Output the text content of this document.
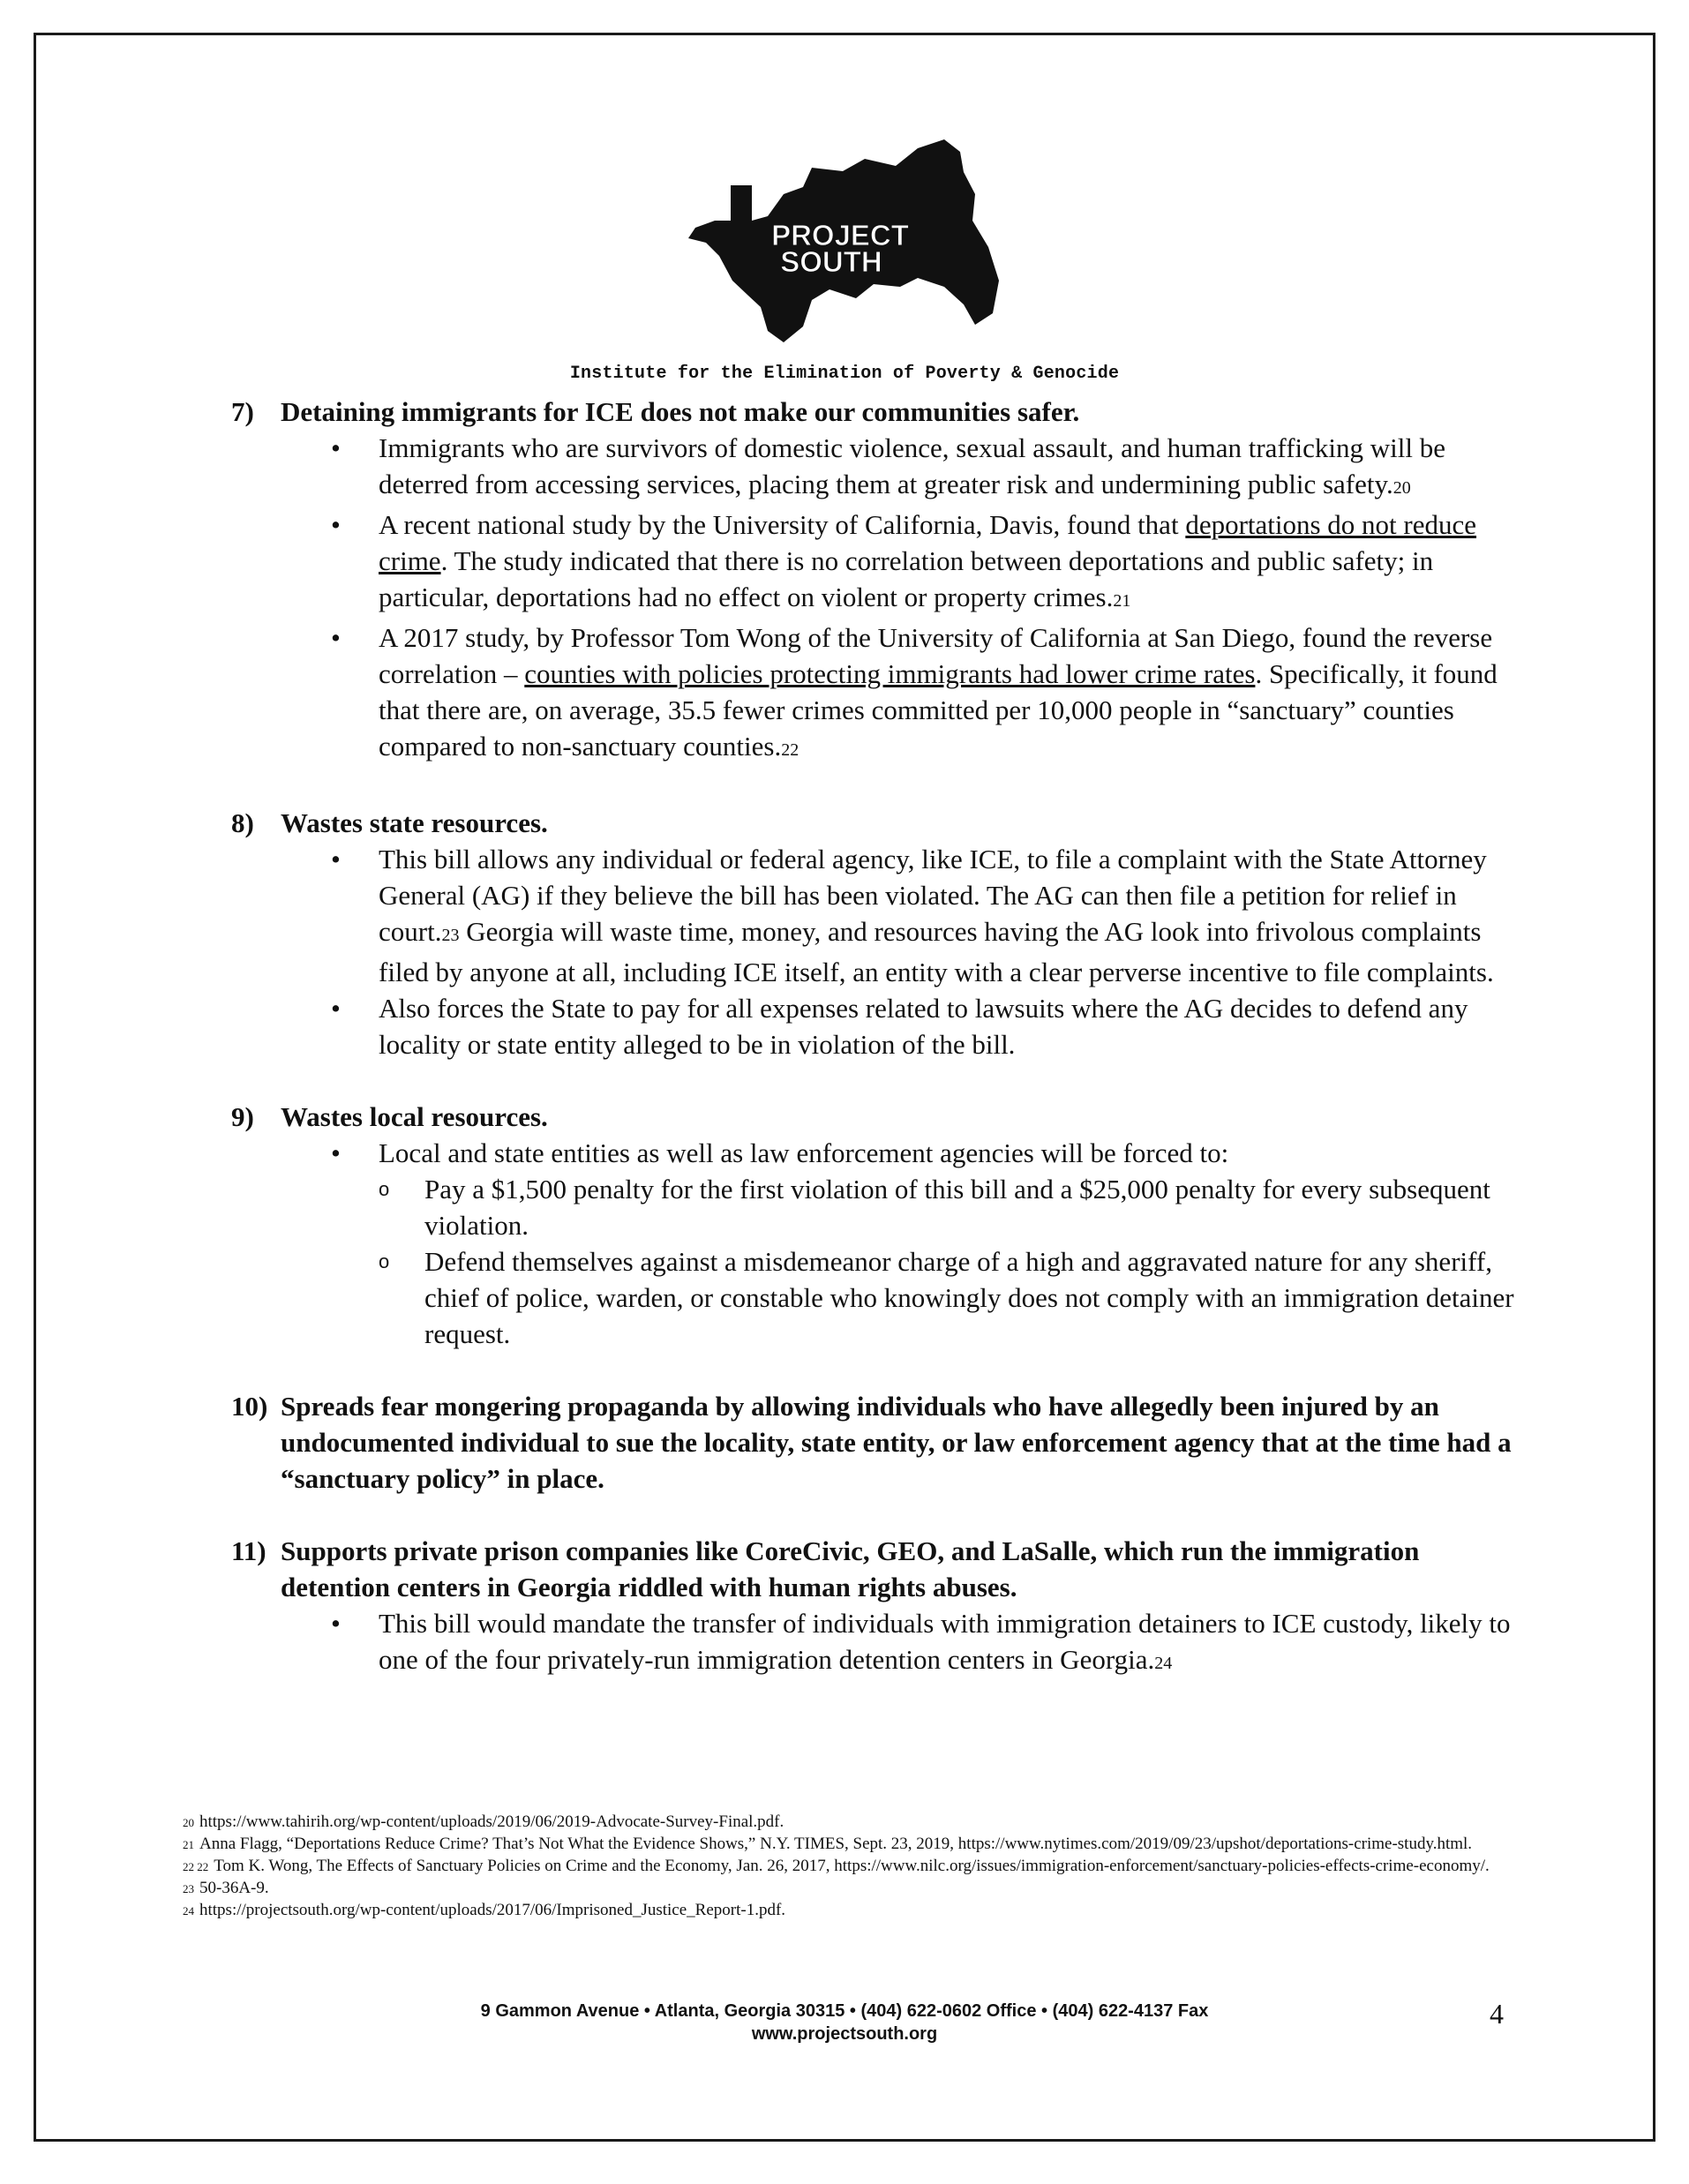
PROJECT
SOUTH
Institute for the Elimination of Poverty & Genocide
7) Detaining immigrants for ICE does not make our communities safer.
• Immigrants who are survivors of domestic violence, sexual assault, and human trafficking will be deterred from accessing services, placing them at greater risk and undermining public safety.20
• A recent national study by the University of California, Davis, found that deportations do not reduce crime. The study indicated that there is no correlation between deportations and public safety; in particular, deportations had no effect on violent or property crimes.21
• A 2017 study, by Professor Tom Wong of the University of California at San Diego, found the reverse correlation – counties with policies protecting immigrants had lower crime rates. Specifically, it found that there are, on average, 35.5 fewer crimes committed per 10,000 people in “sanctuary” counties compared to non-sanctuary counties.22
8) Wastes state resources.
• This bill allows any individual or federal agency, like ICE, to file a complaint with the State Attorney General (AG) if they believe the bill has been violated. The AG can then file a petition for relief in court.23 Georgia will waste time, money, and resources having the AG look into frivolous complaints filed by anyone at all, including ICE itself, an entity with a clear perverse incentive to file complaints.
• Also forces the State to pay for all expenses related to lawsuits where the AG decides to defend any locality or state entity alleged to be in violation of the bill.
9) Wastes local resources.
• Local and state entities as well as law enforcement agencies will be forced to:
o Pay a $1,500 penalty for the first violation of this bill and a $25,000 penalty for every subsequent violation.
o Defend themselves against a misdemeanor charge of a high and aggravated nature for any sheriff, chief of police, warden, or constable who knowingly does not comply with an immigration detainer request.
10) Spreads fear mongering propaganda by allowing individuals who have allegedly been injured by an undocumented individual to sue the locality, state entity, or law enforcement agency that at the time had a “sanctuary policy” in place.
11) Supports private prison companies like CoreCivic, GEO, and LaSalle, which run the immigration detention centers in Georgia riddled with human rights abuses.
• This bill would mandate the transfer of individuals with immigration detainers to ICE custody, likely to one of the four privately-run immigration detention centers in Georgia.24
20 https://www.tahirih.org/wp-content/uploads/2019/06/2019-Advocate-Survey-Final.pdf.
21 Anna Flagg, “Deportations Reduce Crime? That’s Not What the Evidence Shows,” N.Y. TIMES, Sept. 23, 2019, https://www.nytimes.com/2019/09/23/upshot/deportations-crime-study.html.
22 22 Tom K. Wong, The Effects of Sanctuary Policies on Crime and the Economy, Jan. 26, 2017, https://www.nilc.org/issues/immigration-enforcement/sanctuary-policies-effects-crime-economy/.
23 50-36A-9.
24 https://projectsouth.org/wp-content/uploads/2017/06/Imprisoned_Justice_Report-1.pdf.
9 Gammon Avenue • Atlanta, Georgia 30315 • (404) 622-0602 Office • (404) 622-4137 Fax
www.projectsouth.org
4
